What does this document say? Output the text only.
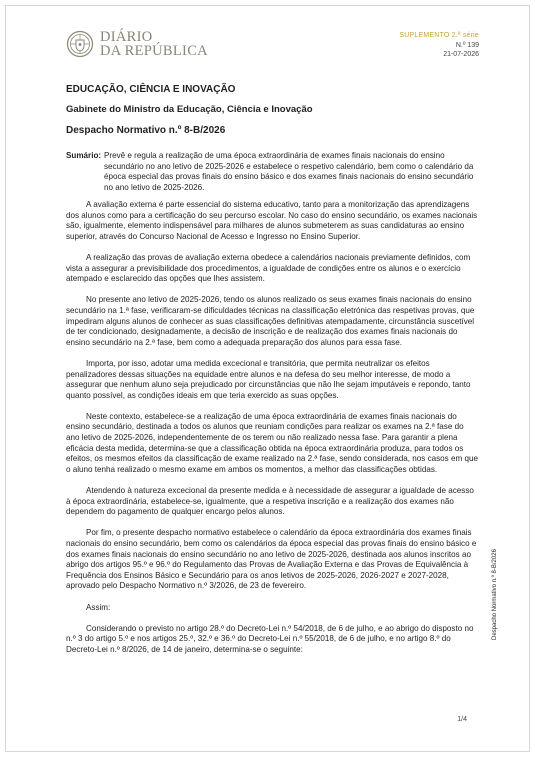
DIÁRIO
DA REPÚBLICA
SUPLEMENTO 2.ª série
N.º 139
21-07-2026
EDUCAÇÃO, CIÊNCIA E INOVAÇÃO
Gabinete do Ministro da Educação, Ciência e Inovação
Despacho Normativo n.º 8-B/2026
Sumário: Prevê e regula a realização de uma época extraordinária de exames finais nacionais do ensino secundário no ano letivo de 2025-2026 e estabelece o respetivo calendário, bem como o calendário da época especial das provas finais do ensino básico e dos exames finais nacionais do ensino secundário no ano letivo de 2025-2026.

A avaliação externa é parte essencial do sistema educativo, tanto para a monitorização das aprendizagens dos alunos como para a certificação do seu percurso escolar. No caso do ensino secundário, os exames nacionais são, igualmente, elemento indispensável para milhares de alunos submeterem as suas candidaturas ao ensino superior, através do Concurso Nacional de Acesso e Ingresso no Ensino Superior.

A realização das provas de avaliação externa obedece a calendários nacionais previamente definidos, com vista a assegurar a previsibilidade dos procedimentos, a igualdade de condições entre os alunos e o exercício atempado e esclarecido das opções que lhes assistem.

No presente ano letivo de 2025-2026, tendo os alunos realizado os seus exames finais nacionais do ensino secundário na 1.ª fase, verificaram-se dificuldades técnicas na classificação eletrónica das respetivas provas, que impediram alguns alunos de conhecer as suas classificações definitivas atempadamente, circunstância suscetível de ter condicionado, designadamente, a decisão de inscrição e de realização dos exames finais nacionais do ensino secundário na 2.ª fase, bem como a adequada preparação dos alunos para essa fase.

Importa, por isso, adotar uma medida excecional e transitória, que permita neutralizar os efeitos penalizadores dessas situações na equidade entre alunos e na defesa do seu melhor interesse, de modo a assegurar que nenhum aluno seja prejudicado por circunstâncias que não lhe sejam imputáveis e repondo, tanto quanto possível, as condições ideais em que teria exercido as suas opções.

Neste contexto, estabelece-se a realização de uma época extraordinária de exames finais nacionais do ensino secundário, destinada a todos os alunos que reuniam condições para realizar os exames na 2.ª fase do ano letivo de 2025-2026, independentemente de os terem ou não realizado nessa fase. Para garantir a plena eficácia desta medida, determina-se que a classificação obtida na época extraordinária produza, para todos os efeitos, os mesmos efeitos da classificação de exame realizado na 2.ª fase, sendo considerada, nos casos em que o aluno tenha realizado o mesmo exame em ambos os momentos, a melhor das classificações obtidas.

Atendendo à natureza excecional da presente medida e à necessidade de assegurar a igualdade de acesso à época extraordinária, estabelece-se, igualmente, que a respetiva inscrição e a realização dos exames não dependem do pagamento de qualquer encargo pelos alunos.

Por fim, o presente despacho normativo estabelece o calendário da época extraordinária dos exames finais nacionais do ensino secundário, bem como os calendários da época especial das provas finais do ensino básico e dos exames finais nacionais do ensino secundário no ano letivo de 2025-2026, destinada aos alunos inscritos ao abrigo dos artigos 95.º e 96.º do Regulamento das Provas de Avaliação Externa e das Provas de Equivalência à Frequência dos Ensinos Básico e Secundário para os anos letivos de 2025-2026, 2026-2027 e 2027-2028, aprovado pelo Despacho Normativo n.º 3/2026, de 23 de fevereiro.

Assim:

Considerando o previsto no artigo 28.º do Decreto-Lei n.º 54/2018, de 6 de julho, e ao abrigo do disposto no n.º 3 do artigo 5.º e nos artigos 25.º, 32.º e 36.º do Decreto-Lei n.º 55/2018, de 6 de julho, e no artigo 8.º do Decreto-Lei n.º 8/2026, de 14 de janeiro, determina-se o seguinte:

Despacho Normativo n.º 8-B/2026
1/4
